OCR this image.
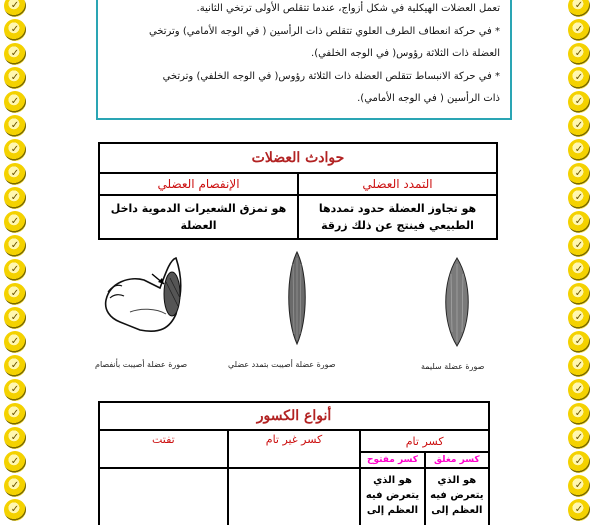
✓
✓
✓
✓
✓
✓
✓
✓
✓
✓
✓
✓
✓
✓
✓
✓
✓
✓
✓
✓
✓
✓
✓
✓
✓
✓
✓
✓
✓
✓
✓
✓
✓
✓
✓
✓
✓
✓
✓
✓
✓
✓
✓
✓
تعمل العضلات الهيكلية في شكل أزواج، عندما تتقلص الأولى ترتخي الثانية.
* في حركة انعطاف الطرف العلوي تتقلص ذات الرأسين ( في الوجه الأمامي) وترتخي
العضلة ذات الثلاثة رؤوس( في الوجه الخلفي).
* في حركة الانبساط تتقلص العضلة ذات الثلاثة رؤوس( في الوجه الخلفي) وترتخي
ذات الرأسين ( في الوجه الأمامي).
حوادث العضلات	
التمدد العضلي	الإنفصام العضلي
هو تجاوز العضلة حدود تمددها الطبيعي فينتج عن ذلك زرقة	هو تمزق الشعيرات الدموية داخل العضلة
صورة عضلة سليمة
صورة عضلة أصيبت بتمدد عضلي
صورة عضلة أصيبت بأنفصام
أنواع الكسور			
كسر تام		كسر غير تام	تفتت
كسر مغلق	كسر مفتوح		
هو الذي يتعرض فيه العظم إلى	هو الذي يتعرض فيه العظم إلى		
